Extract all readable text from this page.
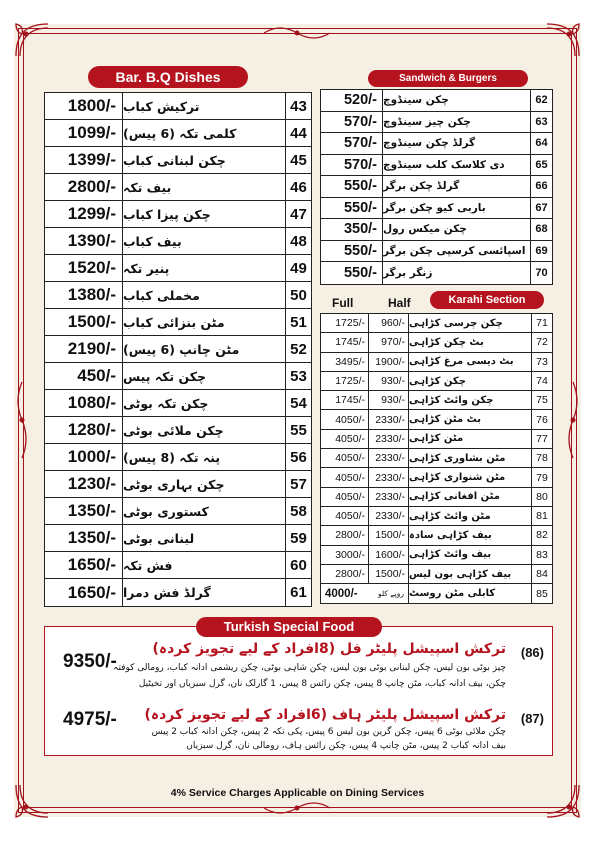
Bar. B.Q Dishes
1800/- ترکیش کباب	43
1099/- کلمی تکہ (6 پیس)	44
1399/- چکن لبنانی کباب	45
2800/- بیف تکہ	46
1299/- چکن پیزا کباب	47
1390/- بیف کباب	48
1520/- پنیر تکہ	49
1380/- مخملی کباب	50
1500/- مٹن بنزائی کباب	51
2190/- مٹن چانپ (6 پیس)	52
450/- چکن تکہ پیس	53
1080/- چکن تکہ بوٹی	54
1280/- چکن ملائی بوٹی	55
1000/- پنہ تکہ (8 پیس)	56
1230/- چکن بہاری بوٹی	57
1350/- کستوری بوٹی	58
1350/- لبنانی بوٹی	59
1650/- فش تکہ	60
1650/- گرلڈ فش دمرا	61
Sandwich & Burgers
520/- چکن سینڈوچ	62
570/- چکن چیز سینڈوچ	63
570/- گرلڈ چکن سینڈوچ	64
570/- دی کلاسک کلب سینڈوچ	65
550/- گرلڈ چکن برگر	66
550/- باربی کیو چکن برگر	67
350/- چکن میکس رول	68
550/- اسپائسی کرسپی چکن برگر 69
550/- زنگر برگر	70
Full	Half	Karahi Section
1725/-	960/- چکن چرسی کڑاہی	71
1745/-	970/- بٹ چکن کڑاہی	72
3495/- 1900/- بٹ دیسی مرغ کڑاہی	73
1725/-	930/- چکن کڑاہی	74
1745/-	930/- چکن وائٹ کڑاہی	75
4050/- 2330/- بٹ مٹن کڑاہی	76
4050/- 2330/- مٹن کڑاہی	77
4050/- 2330/- مٹن بشاوری کڑاہی	78
4050/- 2330/- مٹن شنواری کڑاہی	79
4050/- 2330/- مٹن افغانی کڑاہی	80
4050/- 2330/- مٹن وائٹ کڑاہی	81
2800/- 1500/- بیف کڑاہی سادہ	82
3000/- 1600/- بیف وائٹ کڑاہی	83
2800/- 1500/- بیف کڑاہی بون لیس	84
4000/-	روپے کلو کابلی مٹن روسٹ	85
9350/-	(86)
ترکش اسپیشل پلیٹر فل (8افراد کے لیے تجویز کردہ)
چیز بوٹی بون لیس، چکن لبنانی بوٹی بون لیس، چکن شاہی بوٹی، چکن ریشمی ادانہ کباب، رومالی کوفتہ
چکن، بیف ادانہ کباب، مٹن چانپ 8 پیس، چکن رائس 8 پیس، 1 گارلک نان، گرل سبزیاں اور تخیٹیل
4975/-	(87)
ترکش اسپیشل پلیٹر ہاف (6افراد کے لیے تجویز کردہ)
چکن ملائی بوٹی 6 پیس، چکن گرین بون لیس 6 پیس، پکی تکہ 2 پیس، چکن ادانہ کباب 2 پیس
بیف ادانہ کباب 2 پیس، مٹن چانپ 4 پیس، چکن رائس ہاف، رومالی نان، گرل سبزیاں
Turkish Special Food
4% Service Charges Applicable on Dining Services
